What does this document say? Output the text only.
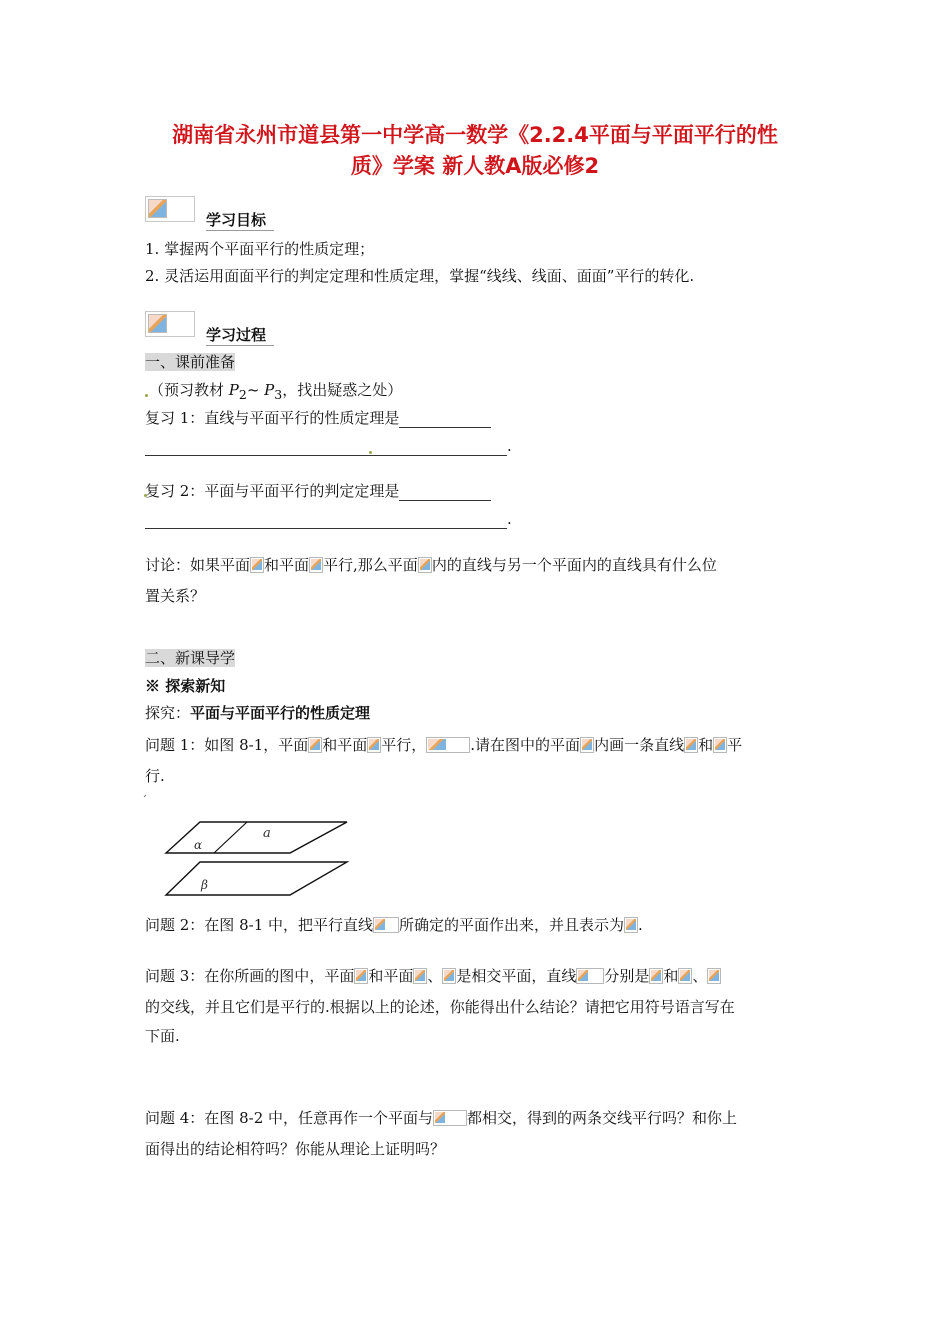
湖南省永州市道县第一中学高一数学《2.2.4平面与平面平行的性
质》学案 新人教A版必修2
学习目标
1. 掌握两个平面平行的性质定理；
2. 灵活运用面面平行的判定定理和性质定理，掌握“线线、线面、面面”平行的转化.
学习过程
一、课前准备
（预习教材 $P_2\sim$ $P_3$，找出疑惑之处）
复习 1：直线与平面平行的性质定理是
.
复习 2：平面与平面平行的判定定理是
.
讨论：如果平面 和平面 平行,那么平面 内的直线与另一个平面内的直线具有什么位
置关系？
二、新课导学
※ 探索新知
探究：平面与平面平行的性质定理
问题 1：如图 8-1，平面 和平面 平行，	.请在图中的平面 内画一条直线 和 平
行.
α
a
β
问题 2：在图 8-1 中，把平行直线 所确定的平面作出来，并且表示为 .
问题 3：在你所画的图中，平面 和平面 、 是相交平面，直线 分别是 和 、
的交线，并且它们是平行的.根据以上的论述，你能得出什么结论？请把它用符号语言写在
下面.
问题 4：在图 8-2 中，任意再作一个平面与 都相交，得到的两条交线平行吗？和你上
面得出的结论相符吗？你能从理论上证明吗？
